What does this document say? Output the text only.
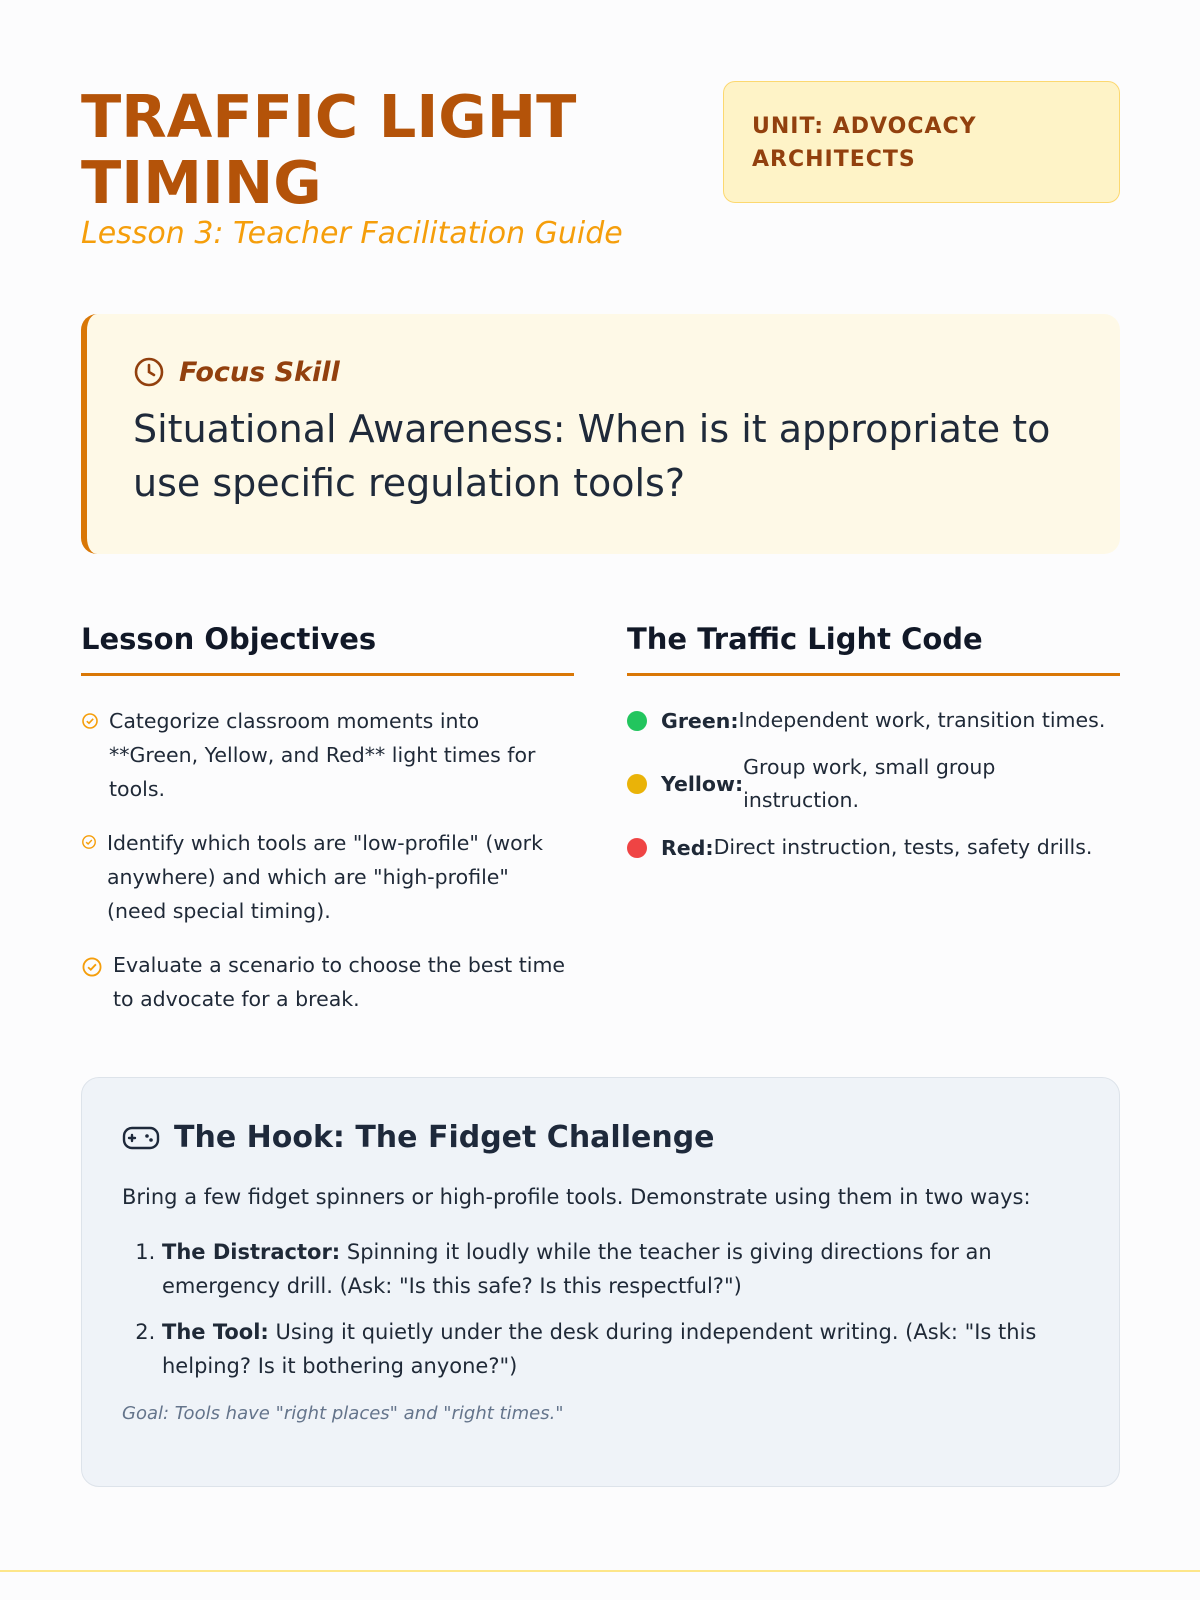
TRAFFIC LIGHT TIMING
Lesson 3: Teacher Facilitation Guide
UNIT: ADVOCACY ARCHITECTS
Focus Skill
Situational Awareness: When is it appropriate to use specific regulation tools?
Lesson Objectives
Categorize classroom moments into **Green, Yellow, and Red** light times for tools.
Identify which tools are "low-profile" (work anywhere) and which are "high-profile" (need special timing).
Evaluate a scenario to choose the best time to advocate for a break.
The Traffic Light Code
Green: Independent work, transition times.
Yellow:
Group work, small group instruction.
Red: Direct instruction, tests, safety drills.
The Hook: The Fidget Challenge

Bring a few fidget spinners or high-profile tools. Demonstrate using them in two ways:

1. The Distractor: Spinning it loudly while the teacher is giving directions for an emergency drill. (Ask: "Is this safe? Is this respectful?")
2. The Tool: Using it quietly under the desk during independent writing. (Ask: "Is this helping? Is it bothering anyone?")

Goal: Tools have "right places" and "right times."
